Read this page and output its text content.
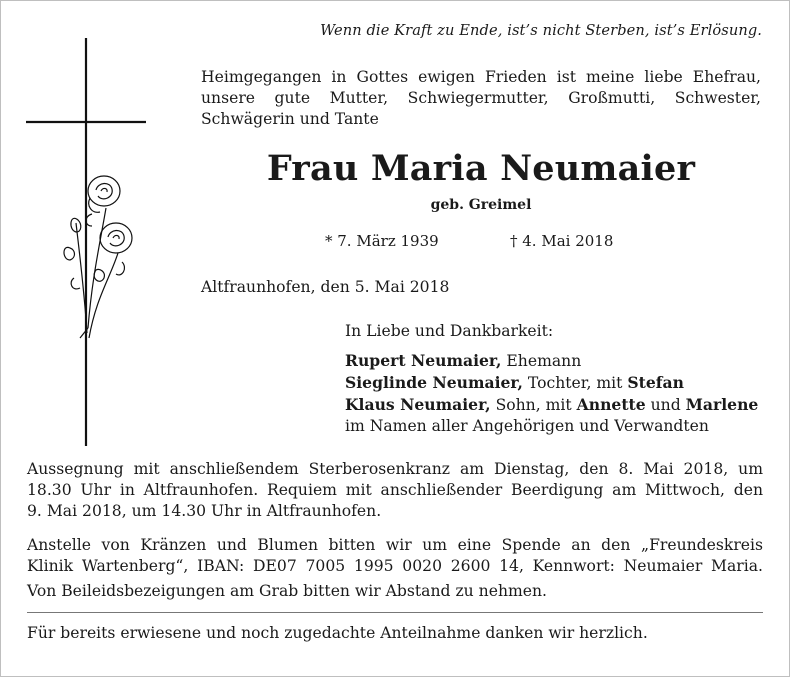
Wenn die Kraft zu Ende, ist’s nicht Sterben, ist’s Erlösung.
Heimgegangen in Gottes ewigen Frieden ist meine liebe Ehefrau,
unsere gute Mutter, Schwiegermutter, Großmutti, Schwester,
Schwägerin und Tante
Frau Maria Neumaier
geb. Greimel
* 7. März 1939	† 4. Mai 2018
Altfraunhofen, den 5. Mai 2018
In Liebe und Dankbarkeit:
Rupert Neumaier, Ehemann
Sieglinde Neumaier, Tochter, mit Stefan
Klaus Neumaier, Sohn, mit Annette und Marlene
im Namen aller Angehörigen und Verwandten
Aussegnung mit anschließendem Sterberosenkranz am Dienstag, den 8. Mai 2018, um
18.30 Uhr in Altfraunhofen. Requiem mit anschließender Beerdigung am Mittwoch, den
9. Mai 2018, um 14.30 Uhr in Altfraunhofen.
Anstelle von Kränzen und Blumen bitten wir um eine Spende an den „Freundeskreis
Klinik Wartenberg“, IBAN: DE07 7005 1995 0020 2600 14, Kennwort: Neumaier Maria.
Von Beileidsbezeigungen am Grab bitten wir Abstand zu nehmen.
Für bereits erwiesene und noch zugedachte Anteilnahme danken wir herzlich.
